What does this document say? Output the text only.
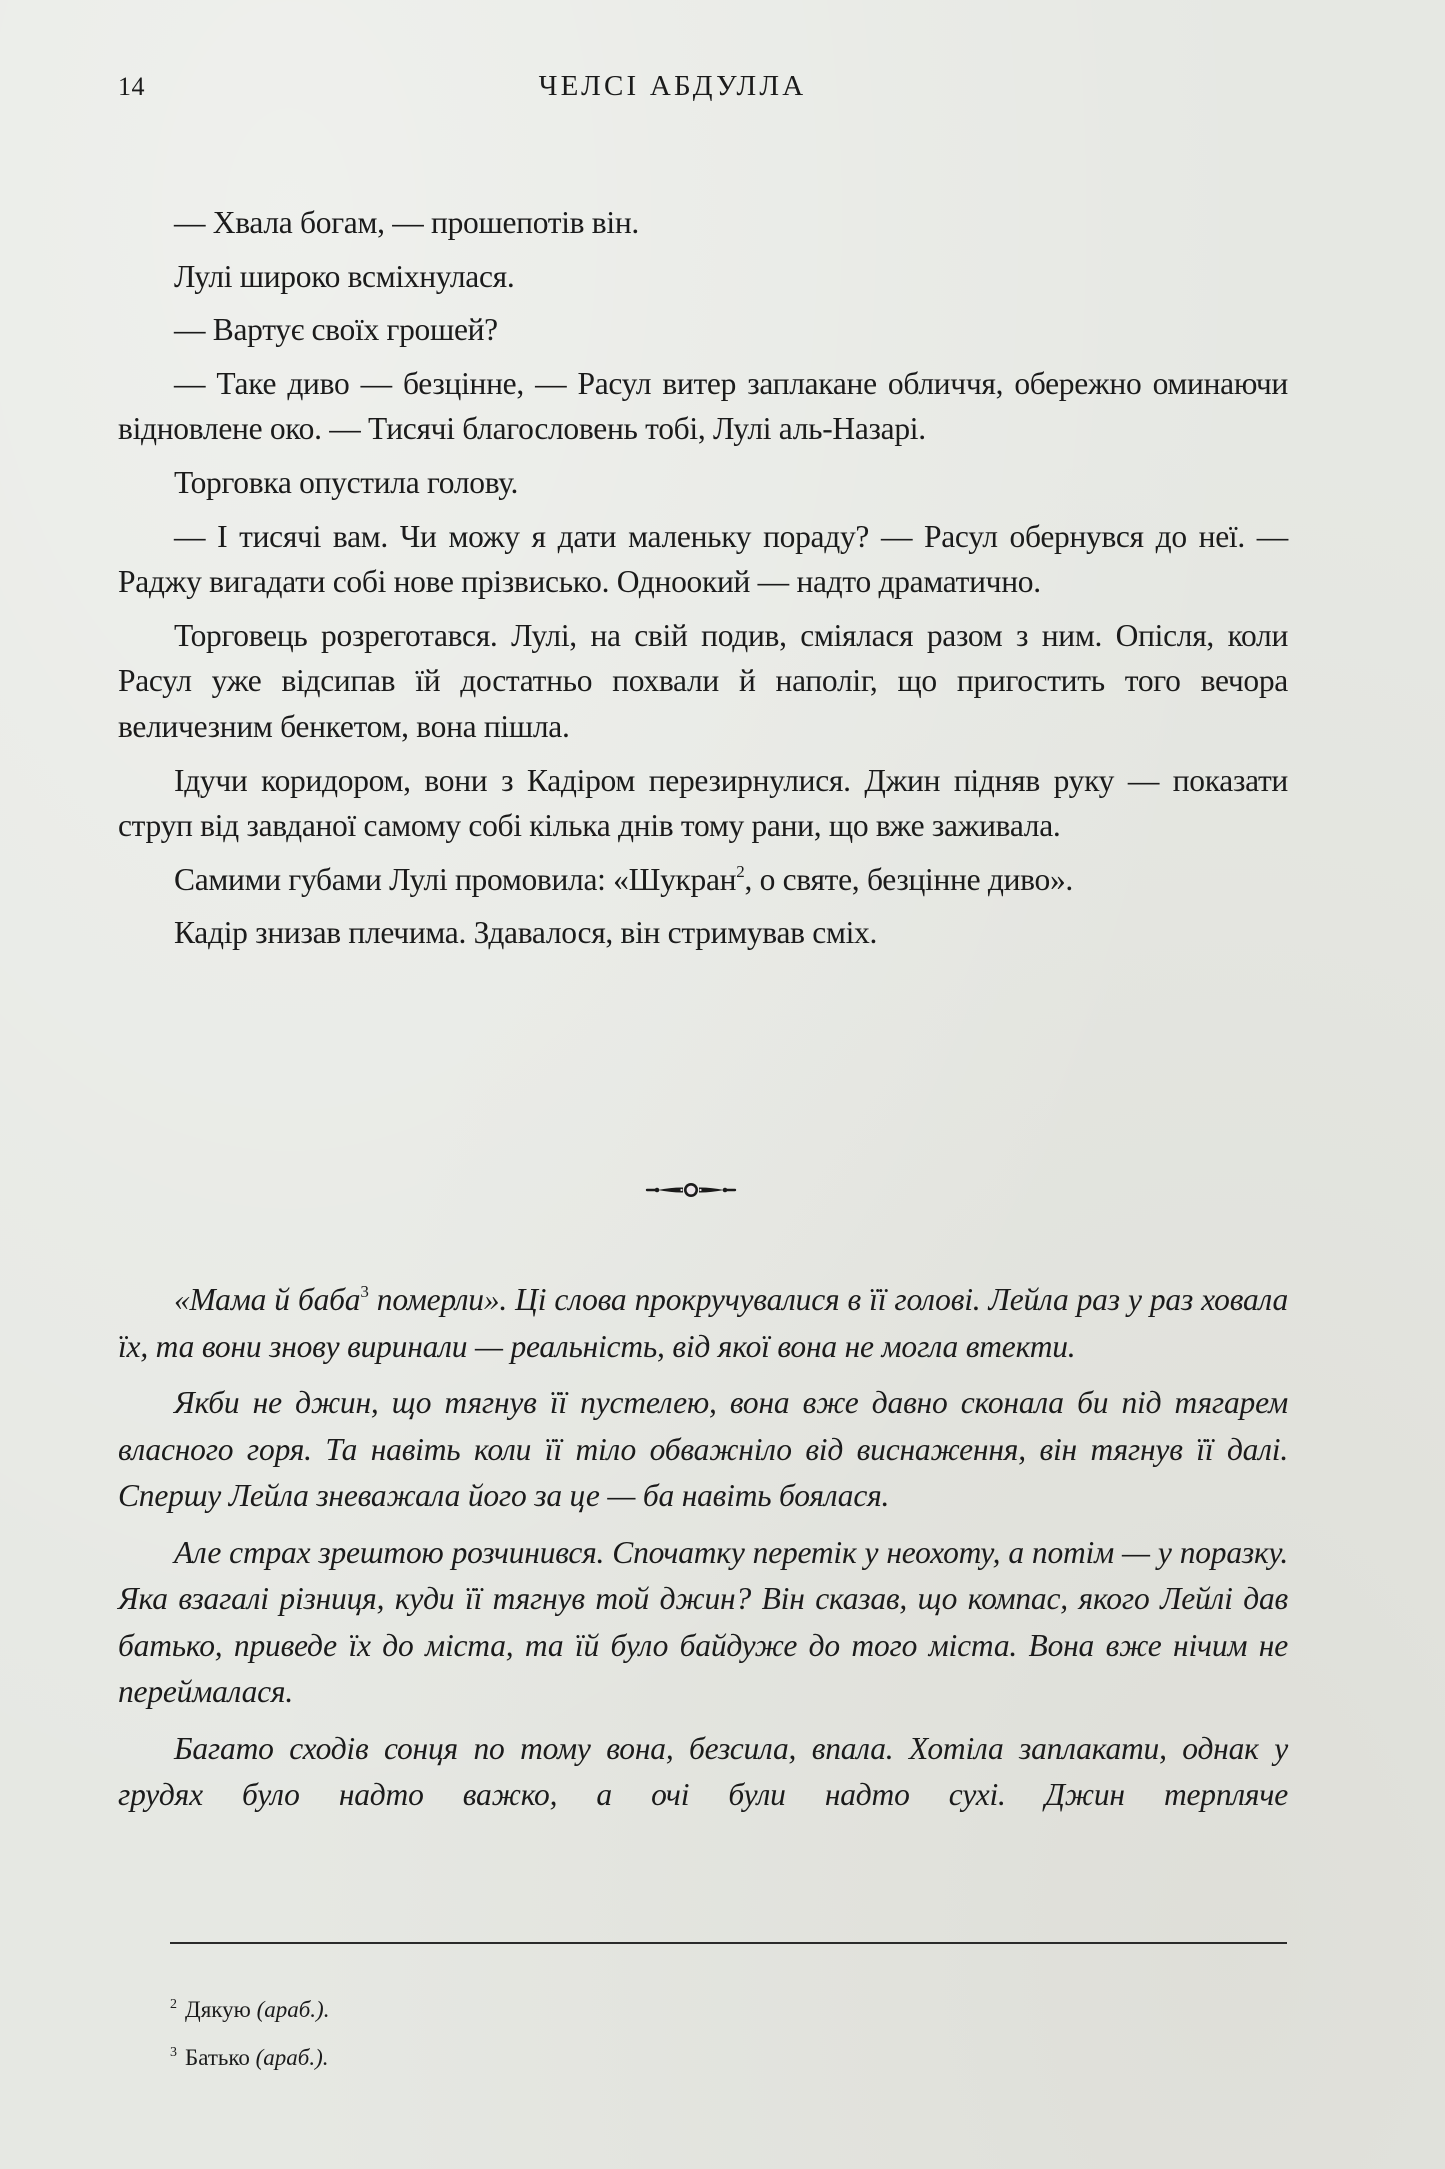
14	ЧЕЛСІ АБДУЛЛА

— Хвала богам, — прошепотів він.

Лулі широко всміхнулася.

— Вартує своїх грошей?

— Таке диво — безцінне, — Расул витер заплакане обличчя, обережно оминаючи відновлене око. — Тисячі благословень тобі, Лулі аль-Назарі.

Торговка опустила голову.

— І тисячі вам. Чи можу я дати маленьку пораду? — Расул обернувся до неї. — Раджу вигадати собі нове прізвисько. Одноокий — надто драматично.

Торговець розреготався. Лулі, на свій подив, сміялася разом з ним. Опісля, коли Расул уже відсипав їй достатньо похвали й наполіг, що пригостить того вечора величезним бенкетом, вона пішла.

Ідучи коридором, вони з Кадіром перезирнулися. Джин підняв руку — показати струп від завданої самому собі кілька днів тому рани, що вже заживала.

Самими губами Лулі промовила: «Шукран$^2$, о святе, безцінне диво».

Кадір знизав плечима. Здавалося, він стримував сміх.

«Мама й баба$^3$ померли». Ці слова прокручувалися в її голові. Лейла раз у раз ховала їх, та вони знову виринали — реальність, від якої вона не могла втекти.

Якби не джин, що тягнув її пустелею, вона вже давно сконала би під тягарем власного горя. Та навіть коли її тіло обважніло від виснаження, він тягнув її далі. Спершу Лейла зневажала його за це — ба навіть боялася.

Але страх зрештою розчинився. Спочатку перетік у неохоту, а потім — у поразку. Яка взагалі різниця, куди її тягнув той джин? Він сказав, що компас, якого Лейлі дав батько, приведе їх до міста, та їй було байдуже до того міста. Вона вже нічим не переймалася.

Багато сходів сонця по тому вона, безсила, впала. Хотіла заплакати, однак у грудях було надто важко, а очі були надто сухі. Джин терпляче

$^2$ Дякую (араб.).
$^3$ Батько (араб.).
